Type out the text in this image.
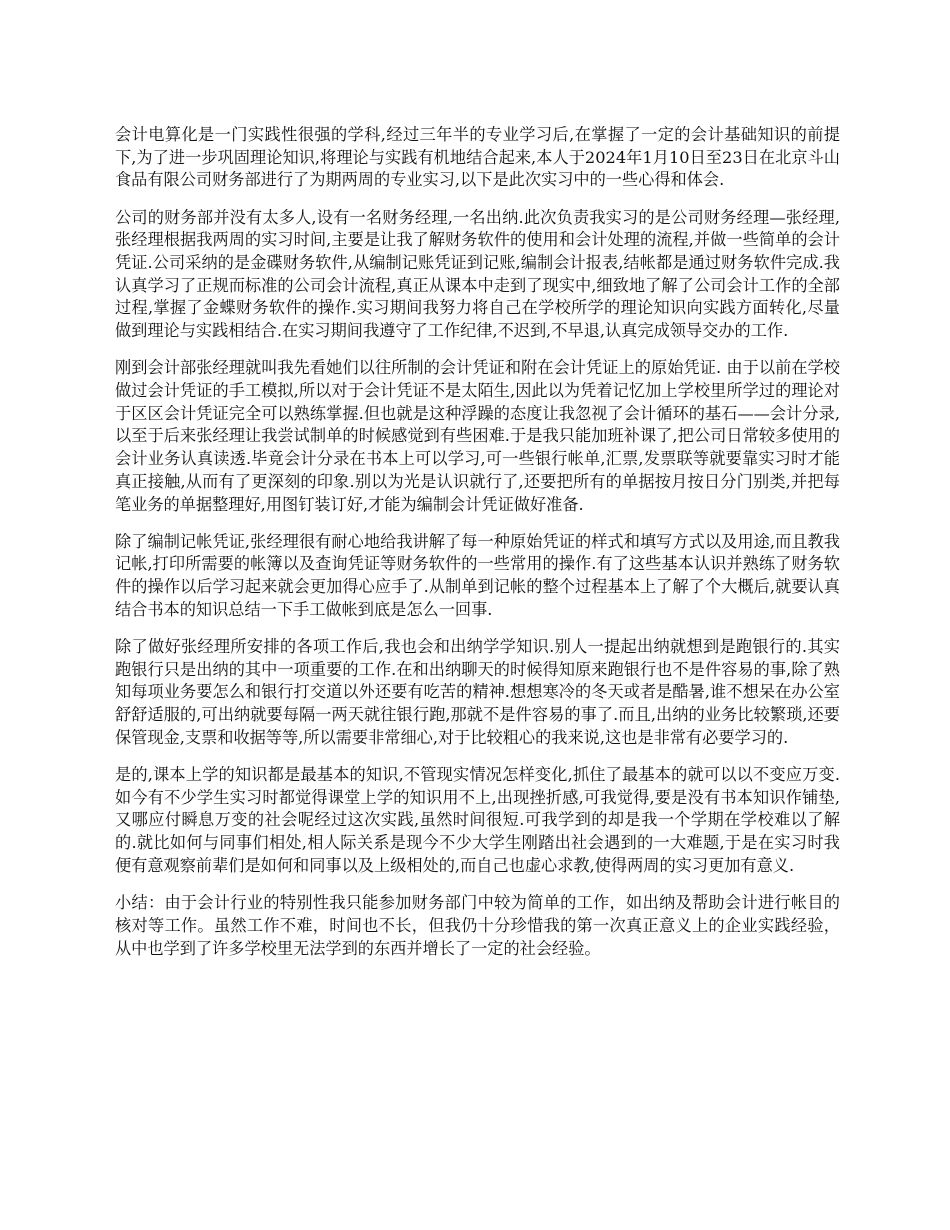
会计电算化是一门实践性很强的学科,经过三年半的专业学习后,在掌握了一定的会计基础知识的前提下,为了进一步巩固理论知识,将理论与实践有机地结合起来,本人于2024年1月10日至23日在北京斗山食品有限公司财务部进行了为期两周的专业实习,以下是此次实习中的一些心得和体会.

公司的财务部并没有太多人,设有一名财务经理,一名出纳.此次负责我实习的是公司财务经理—张经理,张经理根据我两周的实习时间,主要是让我了解财务软件的使用和会计处理的流程,并做一些简单的会计凭证.公司采纳的是金碟财务软件,从编制记账凭证到记账,编制会计报表,结帐都是通过财务软件完成.我认真学习了正规而标准的公司会计流程,真正从课本中走到了现实中,细致地了解了公司会计工作的全部过程,掌握了金蝶财务软件的操作.实习期间我努力将自己在学校所学的理论知识向实践方面转化,尽量做到理论与实践相结合.在实习期间我遵守了工作纪律,不迟到,不早退,认真完成领导交办的工作.

刚到会计部张经理就叫我先看她们以往所制的会计凭证和附在会计凭证上的原始凭证. 由于以前在学校做过会计凭证的手工模拟,所以对于会计凭证不是太陌生,因此以为凭着记忆加上学校里所学过的理论对于区区会计凭证完全可以熟练掌握.但也就是这种浮躁的态度让我忽视了会计循环的基石——会计分录,以至于后来张经理让我尝试制单的时候感觉到有些困难.于是我只能加班补课了,把公司日常较多使用的会计业务认真读透.毕竟会计分录在书本上可以学习,可一些银行帐单,汇票,发票联等就要靠实习时才能真正接触,从而有了更深刻的印象.别以为光是认识就行了,还要把所有的单据按月按日分门别类,并把每笔业务的单据整理好,用图钉装订好,才能为编制会计凭证做好准备.

除了编制记帐凭证,张经理很有耐心地给我讲解了每一种原始凭证的样式和填写方式以及用途,而且教我记帐,打印所需要的帐簿以及查询凭证等财务软件的一些常用的操作.有了这些基本认识并熟练了财务软件的操作以后学习起来就会更加得心应手了.从制单到记帐的整个过程基本上了解了个大概后,就要认真结合书本的知识总结一下手工做帐到底是怎么一回事.

除了做好张经理所安排的各项工作后,我也会和出纳学学知识.别人一提起出纳就想到是跑银行的.其实跑银行只是出纳的其中一项重要的工作.在和出纳聊天的时候得知原来跑银行也不是件容易的事,除了熟知每项业务要怎么和银行打交道以外还要有吃苦的精神.想想寒冷的冬天或者是酷暑,谁不想呆在办公室舒舒适服的,可出纳就要每隔一两天就往银行跑,那就不是件容易的事了.而且,出纳的业务比较繁琐,还要保管现金,支票和收据等等,所以需要非常细心,对于比较粗心的我来说,这也是非常有必要学习的.

是的,课本上学的知识都是最基本的知识,不管现实情况怎样变化,抓住了最基本的就可以以不变应万变.如今有不少学生实习时都觉得课堂上学的知识用不上,出现挫折感,可我觉得,要是没有书本知识作铺垫,又哪应付瞬息万变的社会呢经过这次实践,虽然时间很短.可我学到的却是我一个学期在学校难以了解的.就比如何与同事们相处,相人际关系是现今不少大学生刚踏出社会遇到的一大难题,于是在实习时我便有意观察前辈们是如何和同事以及上级相处的,而自己也虚心求教,使得两周的实习更加有意义.

小结：由于会计行业的特别性我只能参加财务部门中较为简单的工作，如出纳及帮助会计进行帐目的核对等工作。虽然工作不难，时间也不长，但我仍十分珍惜我的第一次真正意义上的企业实践经验，从中也学到了许多学校里无法学到的东西并增长了一定的社会经验。
